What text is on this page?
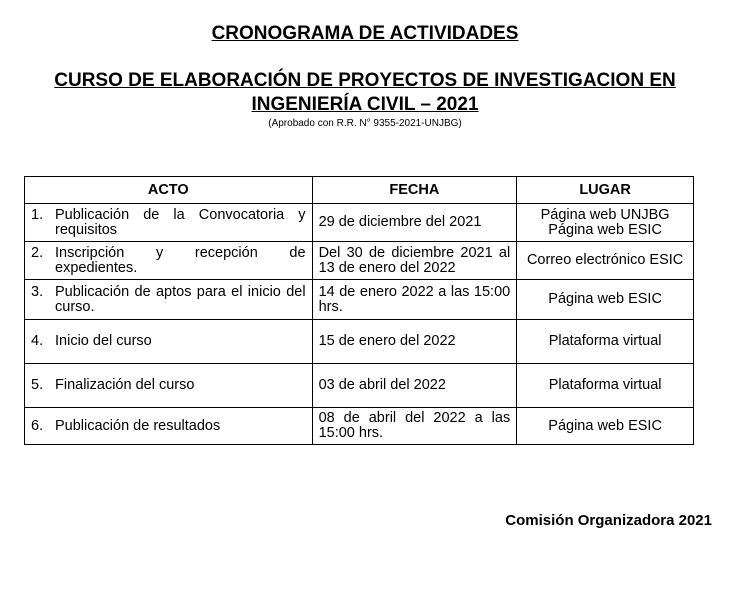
CRONOGRAMA DE ACTIVIDADES
CURSO DE ELABORACIÓN DE PROYECTOS DE INVESTIGACION EN
INGENIERÍA CIVIL – 2021
(Aprobado con R.R. N° 9355-2021-UNJBG)
ACTO	FECHA	LUGAR

1. Publicación de la Convocatoria y requisitos	29 de diciembre del 2021	Página web UNJBG Página web ESIC

2. Inscripción y recepción de expedientes.	Del 30 de diciembre 2021 al 13 de enero del 2022	Correo electrónico ESIC

3. Publicación de aptos para el inicio del curso.	14 de enero 2022 a las 15:00 hrs.	Página web ESIC

4. Inicio del curso	15 de enero del 2022	Plataforma virtual

5. Finalización del curso	03 de abril del 2022	Plataforma virtual

6. Publicación de resultados	08 de abril del 2022 a las 15:00 hrs.	Página web ESIC
Comisión Organizadora 2021
